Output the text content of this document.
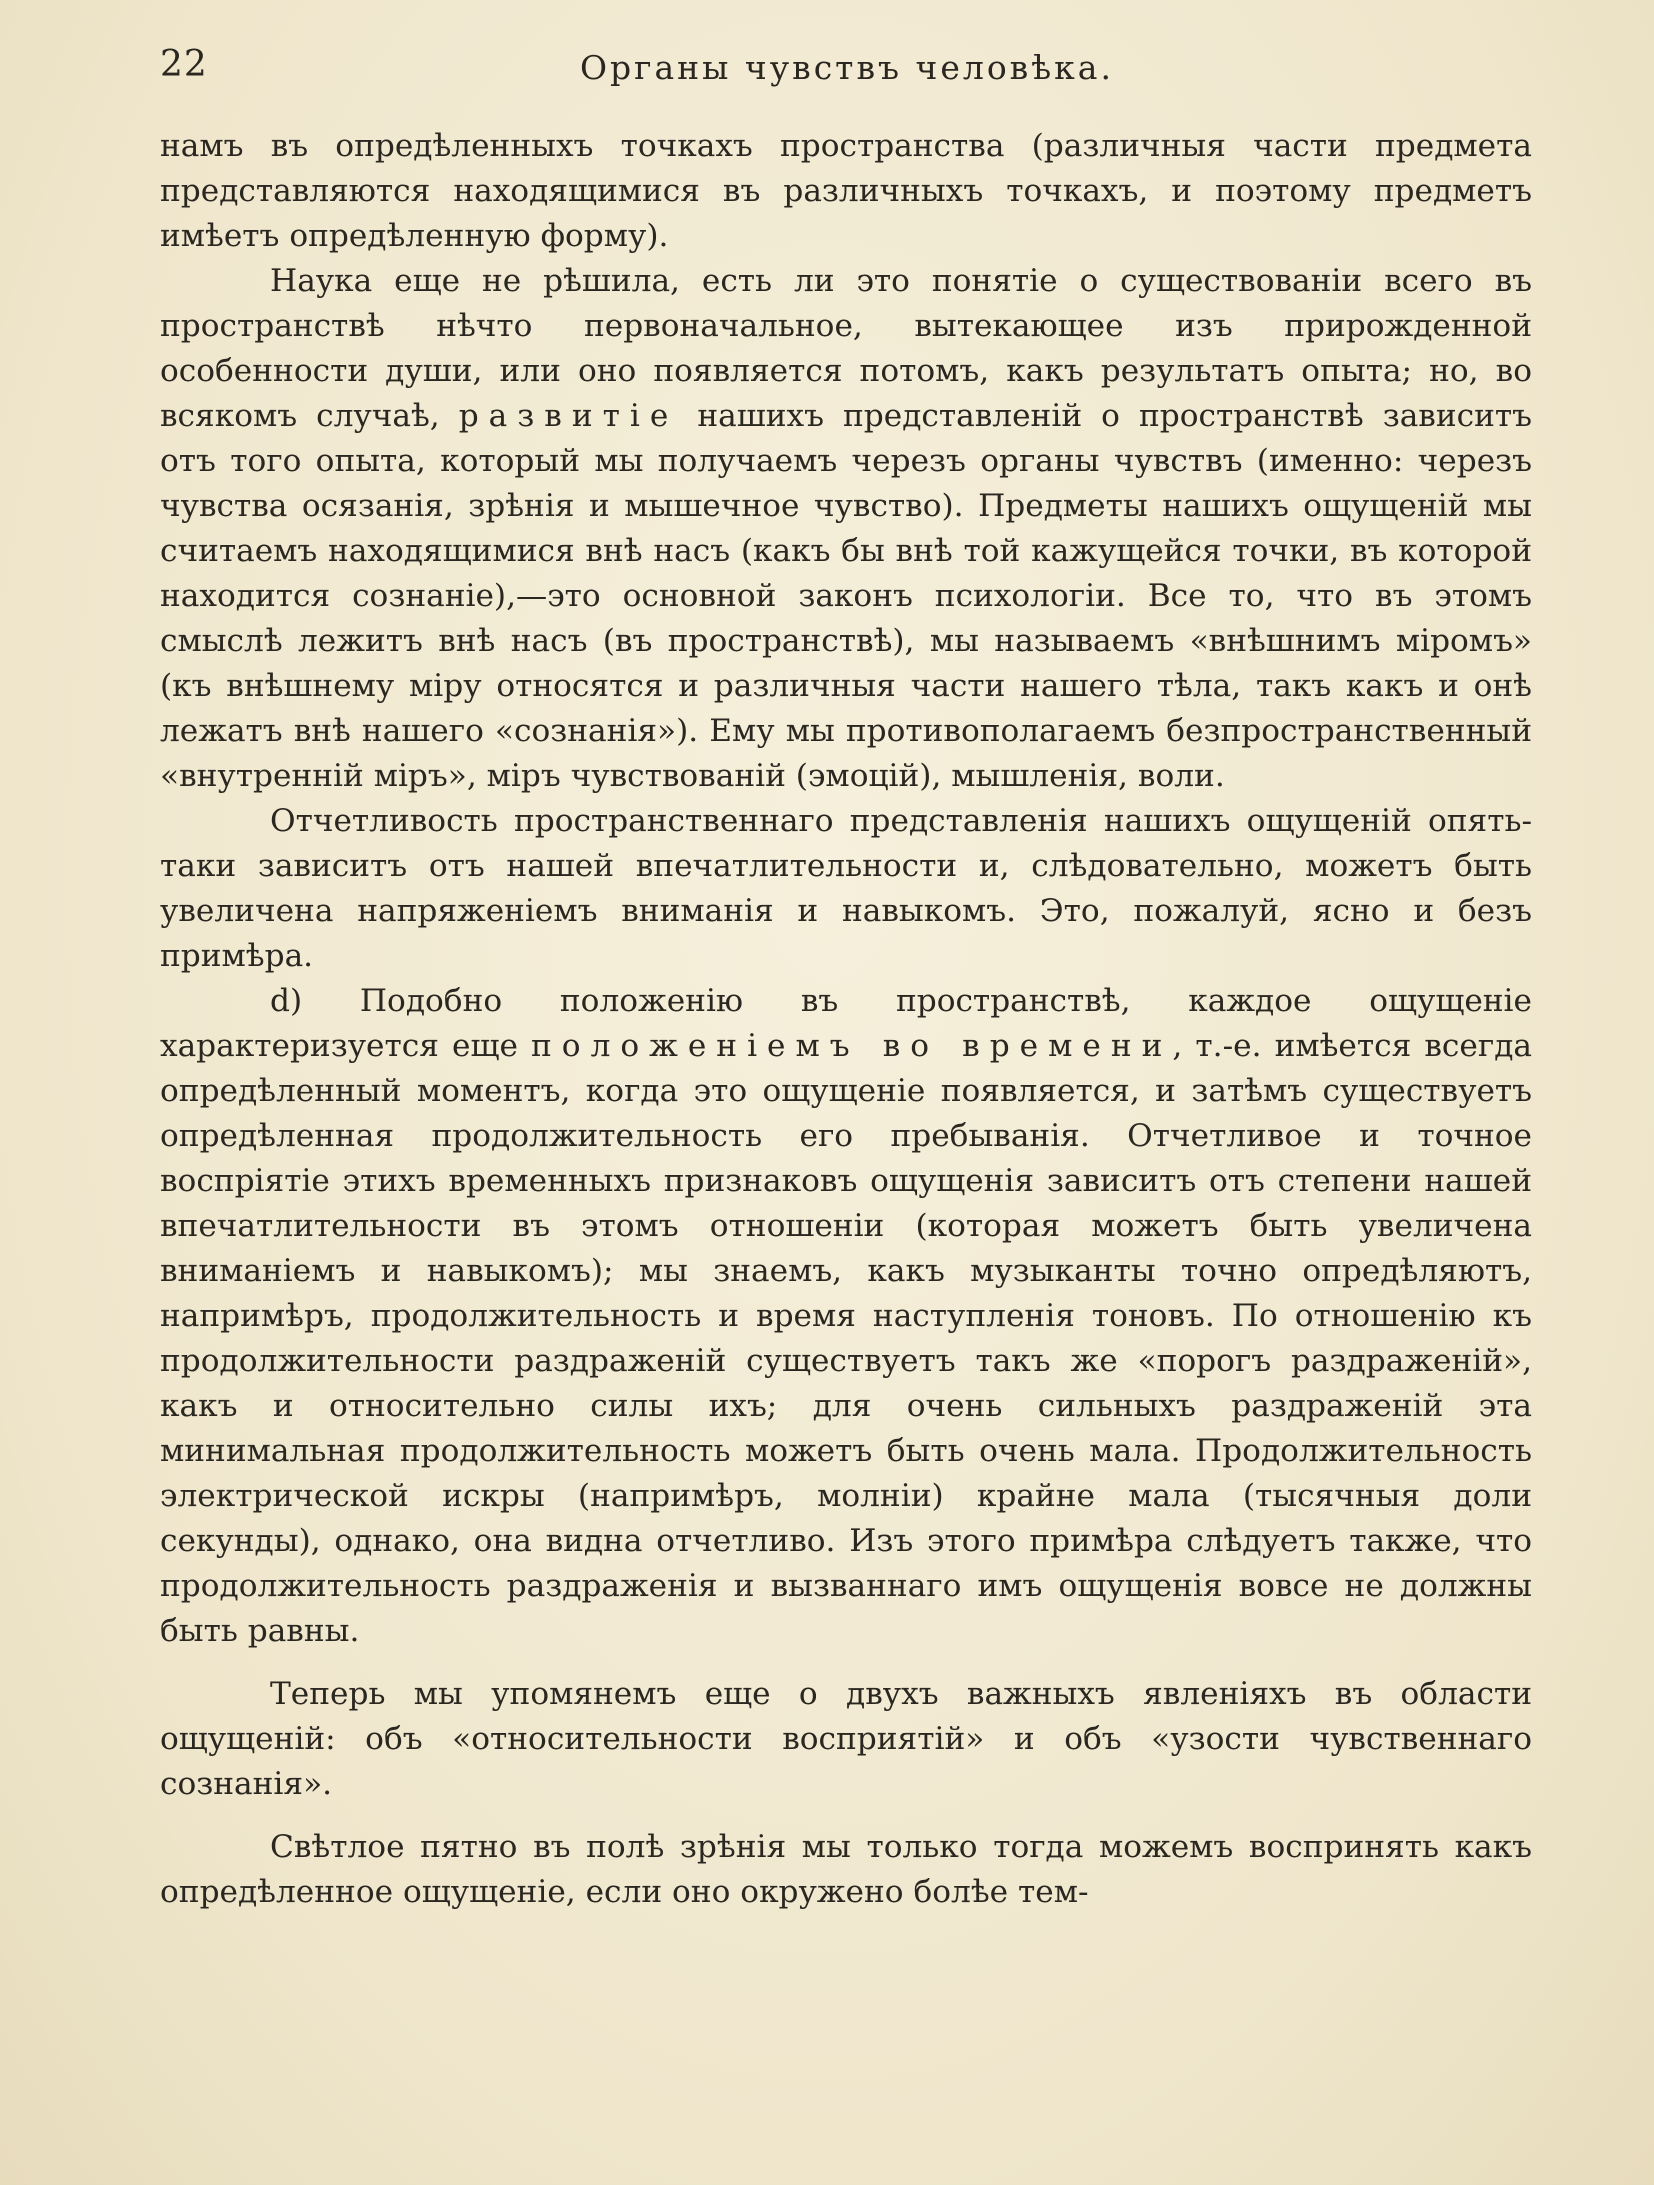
22	Органы чувствъ человѣка.

намъ въ опредѣленныхъ точкахъ пространства (различныя части предмета представляются находящимися въ различныхъ точкахъ, и поэтому предметъ имѣетъ опредѣленную форму).

Наука еще не рѣшила, есть ли это понятіе о существованіи всего въ пространствѣ нѣчто первоначальное, вытекающее изъ прирожденной особенности души, или оно появляется потомъ, какъ результатъ опыта; но, во всякомъ случаѣ, развитіе нашихъ представленій о пространствѣ зависитъ отъ того опыта, который мы получаемъ черезъ органы чувствъ (именно: черезъ чувства осязанія, зрѣнія и мышечное чувство). Предметы нашихъ ощущеній мы считаемъ находящимися внѣ насъ (какъ бы внѣ той кажущейся точки, въ которой находится сознаніе),—это основной законъ психологіи. Все то, что въ этомъ смыслѣ лежитъ внѣ насъ (въ пространствѣ), мы называемъ «внѣшнимъ міромъ» (къ внѣшнему міру относятся и различныя части нашего тѣла, такъ какъ и онѣ лежатъ внѣ нашего «сознанія»). Ему мы противополагаемъ безпространственный «внутренній міръ», міръ чувствованій (эмоцій), мышленія, воли.

Отчетливость пространственнаго представленія нашихъ ощущеній опять-таки зависитъ отъ нашей впечатлительности и, слѣдовательно, можетъ быть увеличена напряженіемъ вниманія и навыкомъ. Это, пожалуй, ясно и безъ примѣра.

d) Подобно положенію въ пространствѣ, каждое ощущеніе характеризуется еще положеніемъ во времени, т.-е. имѣется всегда опредѣленный моментъ, когда это ощущеніе появляется, и затѣмъ существуетъ опредѣленная продолжительность его пребыванія. Отчетливое и точное воспріятіе этихъ временныхъ признаковъ ощущенія зависитъ отъ степени нашей впечатлительности въ этомъ отношеніи (которая можетъ быть увеличена вниманіемъ и навыкомъ); мы знаемъ, какъ музыканты точно опредѣляютъ, напримѣръ, продолжительность и время наступленія тоновъ. По отношенію къ продолжительности раздраженій существуетъ такъ же «порогъ раздраженій», какъ и относительно силы ихъ; для очень сильныхъ раздраженій эта минимальная продолжительность можетъ быть очень мала. Продолжительность электрической искры (напримѣръ, молніи) крайне мала (тысячныя доли секунды), однако, она видна отчетливо. Изъ этого примѣра слѣдуетъ также, что продолжительность раздраженія и вызваннаго имъ ощущенія вовсе не должны быть равны.

Теперь мы упомянемъ еще о двухъ важныхъ явленіяхъ въ области ощущеній: объ «относительности восприятій» и объ «узости чувственнаго сознанія».

Свѣтлое пятно въ полѣ зрѣнія мы только тогда можемъ воспринять какъ опредѣленное ощущеніе, если оно окружено болѣе тем-
